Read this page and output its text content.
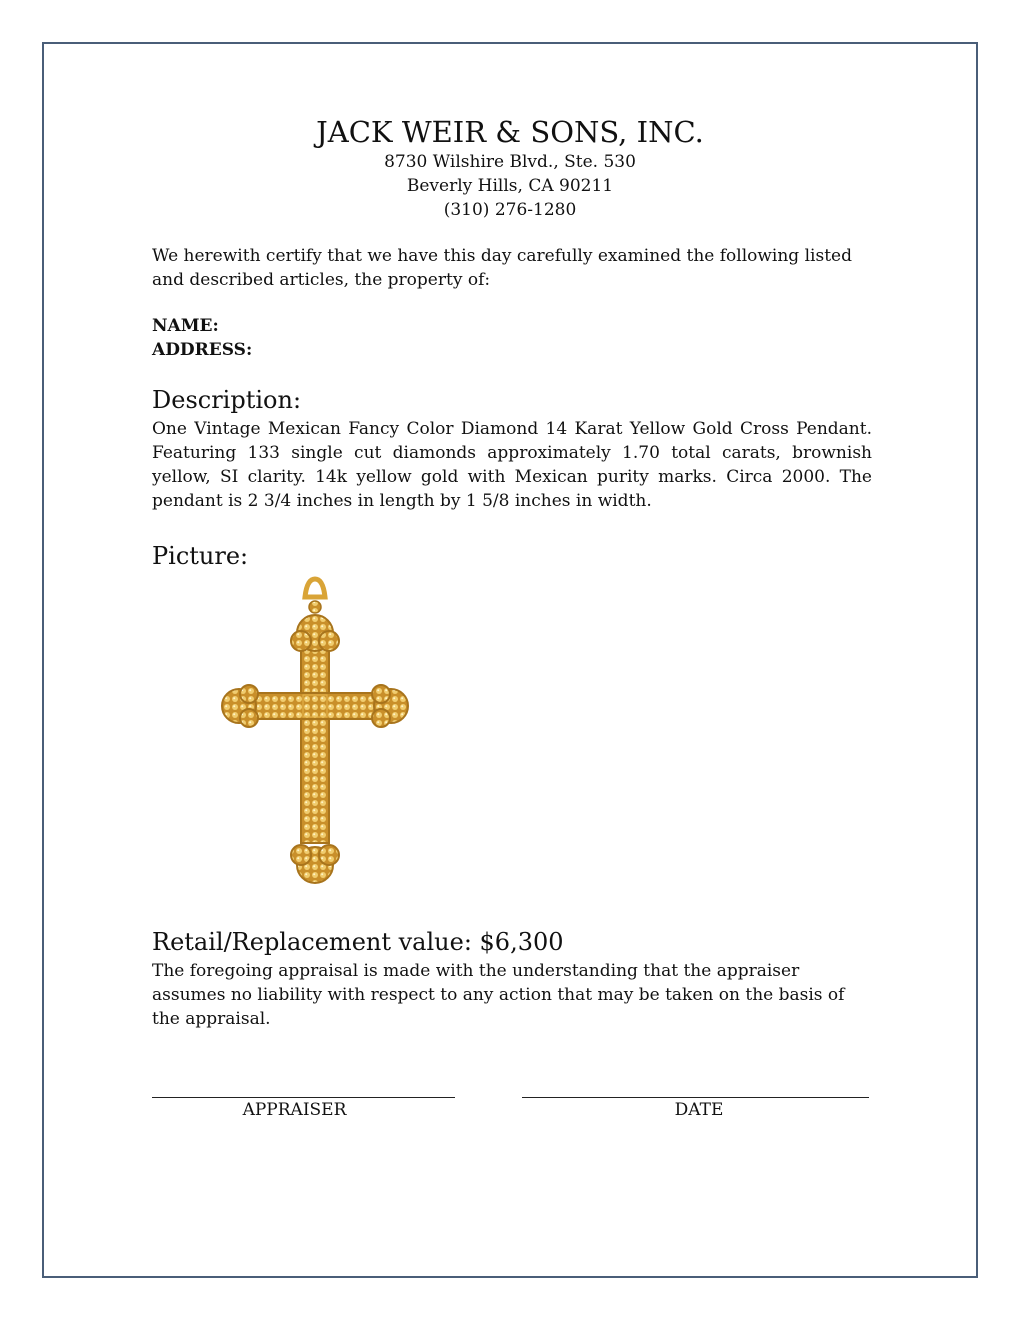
JACK WEIR & SONS, INC.
8730 Wilshire Blvd., Ste. 530
Beverly Hills, CA 90211
(310) 276-1280
We herewith certify that we have this day carefully examined the following listed and described articles, the property of:
NAME:
ADDRESS:
Description:
One Vintage Mexican Fancy Color Diamond 14 Karat Yellow Gold Cross Pendant. Featuring 133 single cut diamonds approximately 1.70 total carats, brownish yellow, SI clarity. 14k yellow gold with Mexican purity marks. Circa 2000. The pendant is 2 3/4 inches in length by 1 5/8 inches in width.
Picture:
Retail/Replacement value: $6,300
The foregoing appraisal is made with the understanding that the appraiser assumes no liability with respect to any action that may be taken on the basis of the appraisal.
APPRAISER	DATE
